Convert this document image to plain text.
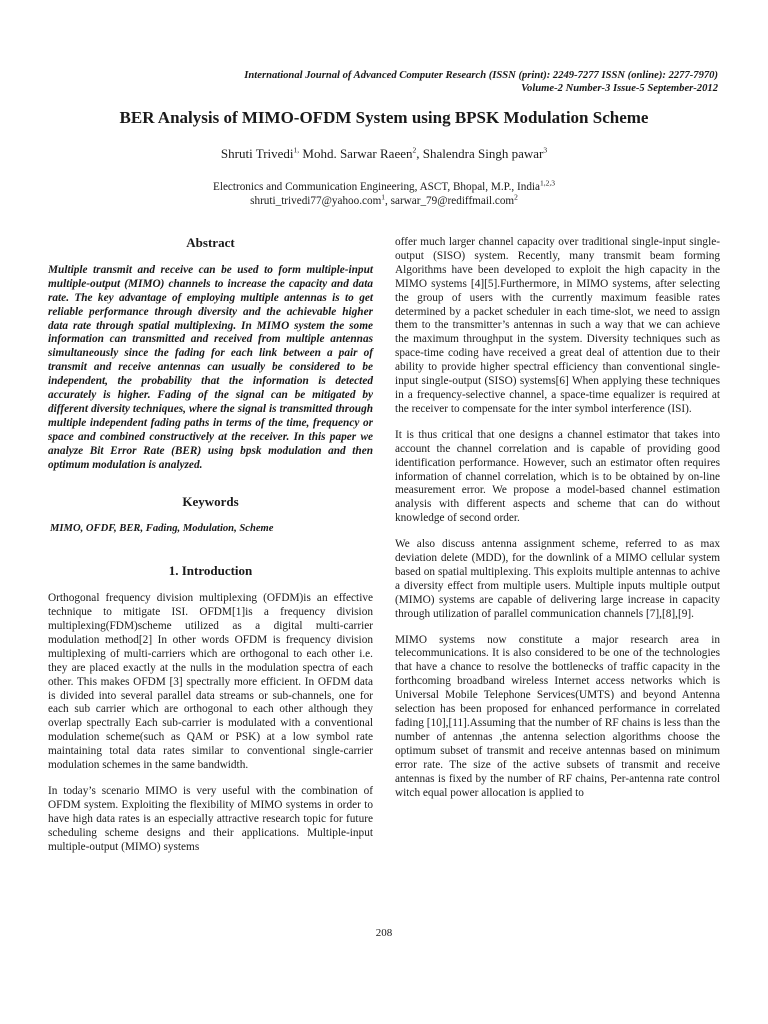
International Journal of Advanced Computer Research (ISSN (print): 2249-7277 ISSN (online): 2277-7970)
Volume-2 Number-3 Issue-5 September-2012
BER Analysis of MIMO-OFDM System using BPSK Modulation Scheme
Shruti Trivedi$^{1,}$ Mohd. Sarwar Raeen$^2$, Shalendra Singh pawar$^3$
Electronics and Communication Engineering, ASCT, Bhopal, M.P., India$^{1,2,3}$
shruti_trivedi77@yahoo.com$^1$, sarwar_79@rediffmail.com$^2$
Abstract

Multiple transmit and receive can be used to form multiple-input multiple-output (MIMO) channels to increase the capacity and data rate. The key advantage of employing multiple antennas is to get reliable performance through diversity and the achievable higher data rate through spatial multiplexing. In MIMO system the some information can transmitted and received from multiple antennas simultaneously since the fading for each link between a pair of transmit and receive antennas can usually be considered to be independent, the probability that the information is detected accurately is higher. Fading of the signal can be mitigated by different diversity techniques, where the signal is transmitted through multiple independent fading paths in terms of the time, frequency or space and combined constructively at the receiver. In this paper we analyze Bit Error Rate (BER) using bpsk modulation and then optimum modulation is analyzed.

Keywords
MIMO, OFDF, BER, Fading, Modulation, Scheme
1. Introduction

Orthogonal frequency division multiplexing (OFDM)is an effective technique to mitigate ISI. OFDM[1]is a frequency division multiplexing(FDM)scheme utilized as a digital multi-carrier modulation method[2] In other words OFDM is frequency division multiplexing of multi-carriers which are orthogonal to each other i.e. they are placed exactly at the nulls in the modulation spectra of each other. This makes OFDM [3] spectrally more efficient. In OFDM data is divided into several parallel data streams or sub-channels, one for each sub carrier which are orthogonal to each other although they overlap spectrally Each sub-carrier is modulated with a conventional modulation scheme(such as QAM or PSK) at a low symbol rate maintaining total data rates similar to conventional single-carrier modulation schemes in the same bandwidth.

In today’s scenario MIMO is very useful with the combination of OFDM system. Exploiting the flexibility of MIMO systems in order to have high data rates is an especially attractive research topic for future scheduling scheme designs and their applications. Multiple-input multiple-output (MIMO) systems

offer much larger channel capacity over traditional single-input single-output (SISO) system. Recently, many transmit beam forming Algorithms have been developed to exploit the high capacity in the MIMO systems [4][5].Furthermore, in MIMO systems, after selecting the group of users with the currently maximum feasible rates determined by a packet scheduler in each time-slot, we need to assign them to the transmitter’s antennas in such a way that we can achieve the maximum throughput in the system. Diversity techniques such as space-time coding have received a great deal of attention due to their ability to provide higher spectral efficiency than conventional single-input single-output (SISO) systems[6] When applying these techniques in a frequency-selective channel, a space-time equalizer is required at the receiver to compensate for the inter symbol interference (ISI).

It is thus critical that one designs a channel estimator that takes into account the channel correlation and is capable of providing good identification performance. However, such an estimator often requires information of channel correlation, which is to be obtained by on-line measurement error. We propose a model-based channel estimation analysis with different aspects and scheme that can do without knowledge of second order.

We also discuss antenna assignment scheme, referred to as max deviation delete (MDD), for the downlink of a MIMO cellular system based on spatial multiplexing. This exploits multiple antennas to achive a diversity effect from multiple users. Multiple inputs multiple output (MIMO) systems are capable of delivering large increase in capacity through utilization of parallel communication channels [7],[8],[9].

MIMO systems now constitute a major research area in telecommunications. It is also considered to be one of the technologies that have a chance to resolve the bottlenecks of traffic capacity in the forthcoming broadband wireless Internet access networks which is Universal Mobile Telephone Services(UMTS) and beyond Antenna selection has been proposed for enhanced performance in correlated fading [10],[11].Assuming that the number of RF chains is less than the number of antennas ,the antenna selection algorithms choose the optimum subset of transmit and receive antennas based on minimum error rate. The size of the active subsets of transmit and receive antennas is fixed by the number of RF chains, Per-antenna rate control witch equal power allocation is applied to

208
